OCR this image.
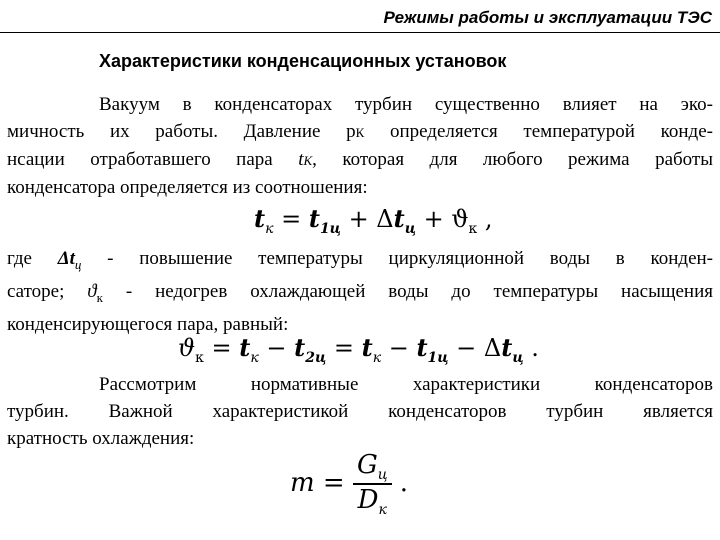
Режимы работы и эксплуатации ТЭС
Характеристики конденсационных установок
Вакуум в конденсаторах турбин существенно влияет на эко-
мичность их работы. Давление рК определяется температурой конде-
нсации отработавшего пара tК, которая для любого режима работы
конденсатора определяется из соотношения:
$t_к = t_{1ц} + \Delta t_ц + ϑ_к$ ,
где $\Delta t_ц$ - повышение температуры циркуляционной воды в конден-
саторе; $ϑ_к$ - недогрев охлаждающей воды до температуры насыщения
конденсирующегося пара, равный:
$ϑ_к = t_к - t_{2ц} = t_к - t_{1ц} - \Delta t_ц$ .
Рассмотрим нормативные характеристики конденсаторов
турбин. Важной характеристикой конденсаторов турбин является
кратность охлаждения:
$m = \frac{G_ц}{D_к}$ .
